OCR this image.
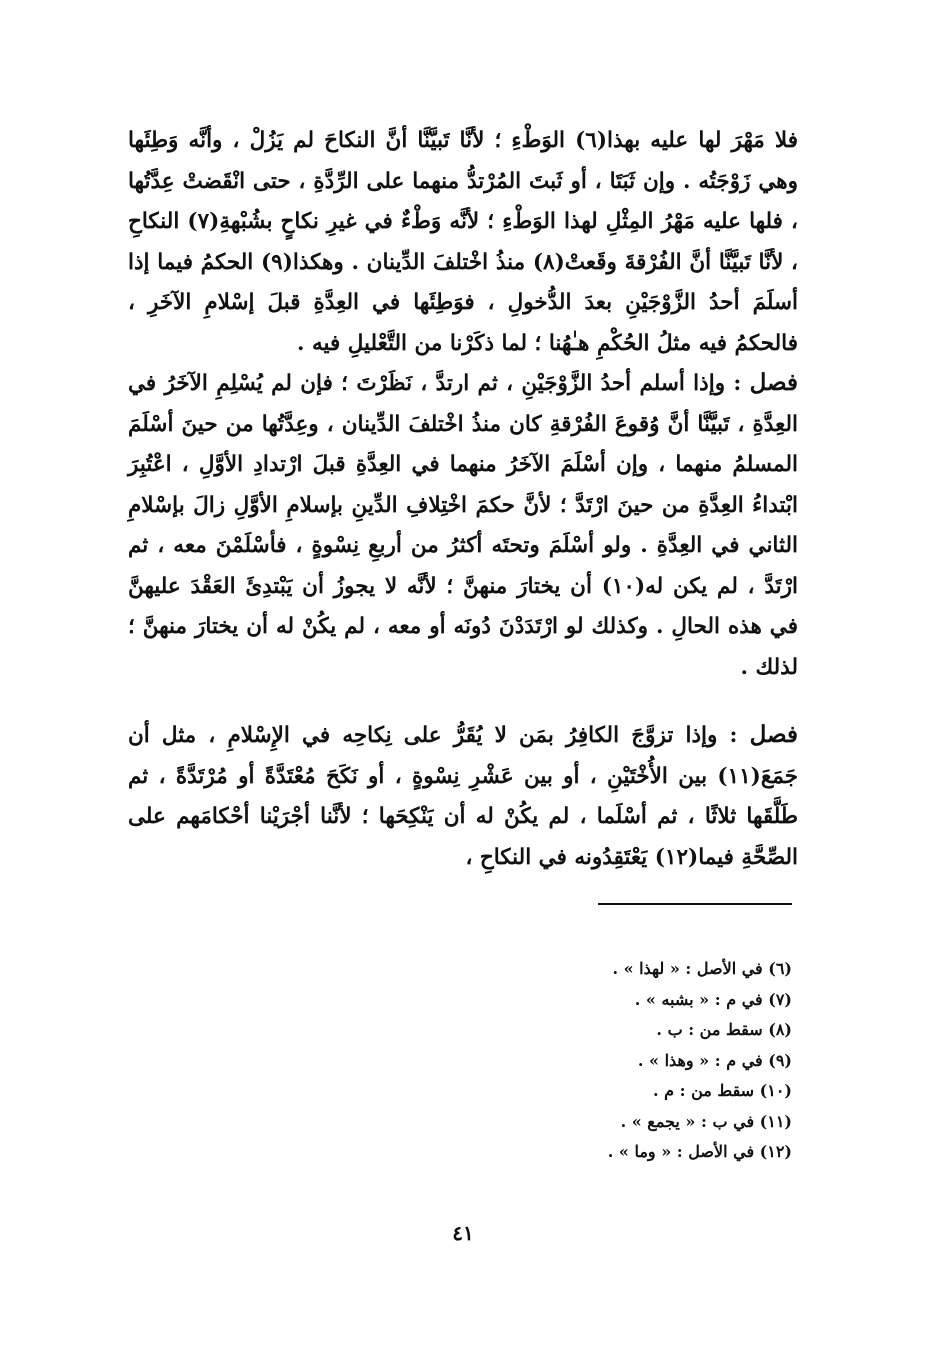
فلا مَهْرَ لها عليه بهذا(٦) الوَطْءِ ؛ لأنَّا تَبيَّنَّا أنَّ النكاحَ لم يَزُلْ ، وأنَّه وَطِئَها وهي زَوْجَتُه . وإن ثَبَتَا ، أو ثَبتَ المُرْتدُّ منهما على الرِّدَّةِ ، حتى انْقَضتْ عِدَّتُها ، فلها عليه مَهْرُ المِثْلِ لهذا الوَطْءِ ؛ لأنَّه وَطْءٌ في غيرِ نكاحٍ بشُبْهةِ(٧) النكاحِ ، لأنَّا تَبيَّنَّا أنَّ الفُرْقةَ وقَعتْ(٨) منذُ اخْتلفَ الدِّينان . وهكذا(٩) الحكمُ فيما إذا أسلَمَ أحدُ الزَّوْجَيْنِ بعدَ الدُّخولِ ، فوَطِئَها في العِدَّةِ قبلَ إسْلامِ الآخَرِ ، فالحكمُ فيه مثلُ الحُكْمِ هـٰهُنا ؛ لما ذكَرْنا من التَّعْليلِ فيه .

فصل : وإذا أسلم أحدُ الزَّوْجَيْنِ ، ثم ارتدَّ ، نَظَرْتَ ؛ فإن لم يُسْلِمِ الآخَرُ في العِدَّةِ ، تَبيَّنَّا أنَّ وُقوعَ الفُرْقةِ كان منذُ اخْتلفَ الدِّينان ، وعِدَّتُها من حينَ أسْلَمَ المسلمُ منهما ، وإن أسْلَمَ الآخَرُ منهما في العِدَّةِ قبلَ ارْتدادِ الأوَّلِ ، اعْتُبِرَ ابْتداءُ العِدَّةِ من حينَ ارْتَدَّ ؛ لأنَّ حكمَ اخْتِلافِ الدِّينِ بإسلامِ الأوَّلِ زالَ بإسْلامِ الثاني في العِدَّةِ . ولو أسْلَمَ وتحتَه أكثرُ من أربعِ نِسْوةٍ ، فأسْلَمْنَ معه ، ثم ارْتَدَّ ، لم يكن له(١٠) أن يختارَ منهنَّ ؛ لأنَّه لا يجوزُ أن يَبْتدِئَ العَقْدَ عليهنَّ في هذه الحالِ . وكذلك لو ارْتَدَدْنَ دُونَه أو معه ، لم يكُنْ له أن يختارَ منهنَّ ؛ لذلك .

فصل : وإذا تزوَّجَ الكافِرُ بمَن لا يُقَرُّ على نِكاحِه في الإِسْلامِ ، مثل أن جَمَعَ(١١) بين الأُخْتَيْنِ ، أو بين عَشْرِ نِسْوةٍ ، أو نَكَحَ مُعْتَدَّةً أو مُرْتَدَّةً ، ثم طَلَّقَها ثلاثًا ، ثم أسْلَما ، لم يكُنْ له أن يَنْكِحَها ؛ لأنَّنا أجْرَيْنا أحْكامَهم على الصِّحَّةِ فيما(١٢) يَعْتَقِدُونه في النكاحِ ،

(٦) في الأصل : « لهذا » .
(٧) في م : « بشبه » .
(٨) سقط من : ب .
(٩) في م : « وهذا » .
(١٠) سقط من : م .
(١١) في ب : « يجمع » .
(١٢) في الأصل : « وما » .
٤١
